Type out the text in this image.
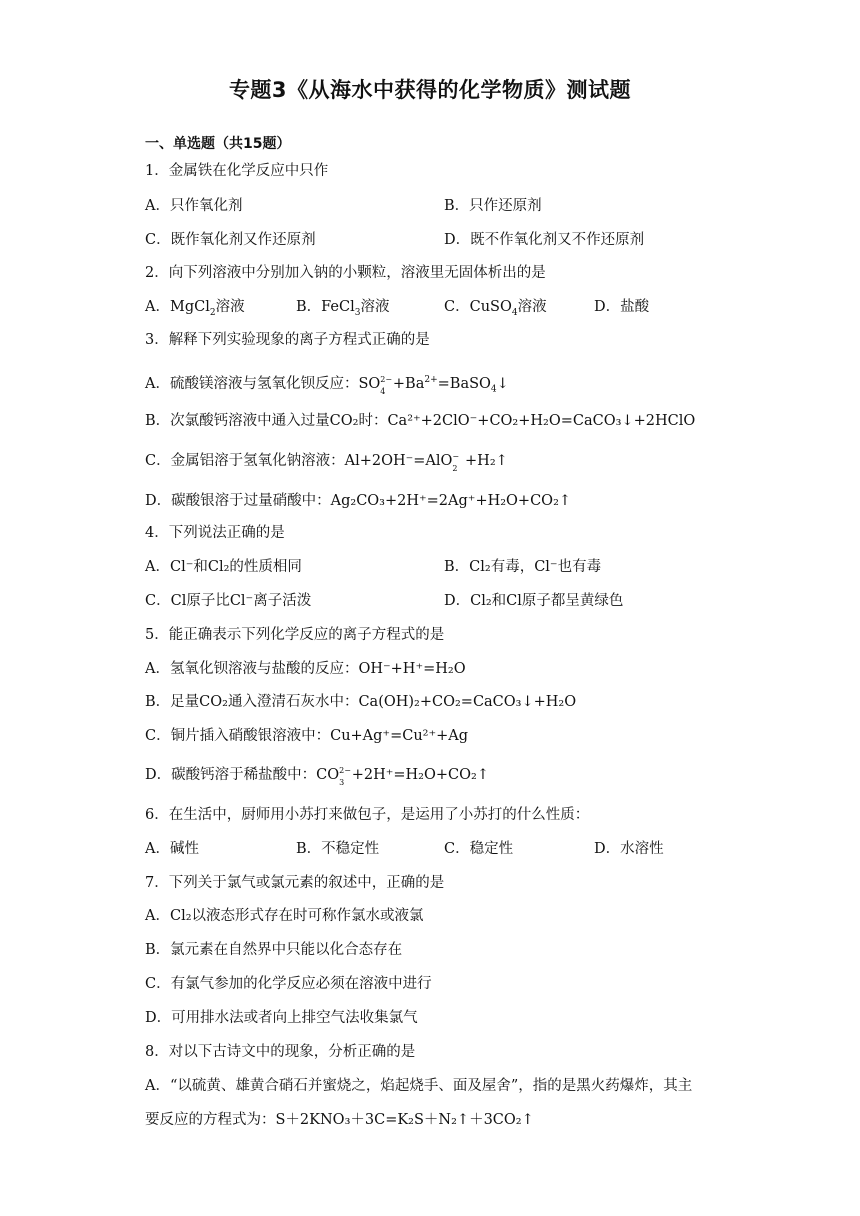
专题3《从海水中获得的化学物质》测试题
一、单选题（共15题）
1．金属铁在化学反应中只作
A．只作氧化剂	B．只作还原剂
C．既作氧化剂又作还原剂	D．既不作氧化剂又不作还原剂
2．向下列溶液中分别加入钠的小颗粒，溶液里无固体析出的是
A．MgCl$_2$溶液	B．FeCl$_3$溶液	C．CuSO$_4$溶液	D．盐酸
3．解释下列实验现象的离子方程式正确的是
A．硫酸镁溶液与氢氧化钡反应：SO 2−
$4 +Ba^{2+}=BaSO_4↓$
B．次氯酸钙溶液中通入过量CO₂时：Ca²⁺+2ClO⁻+CO₂+H₂O=CaCO₃↓+2HClO
C．金属铝溶于氢氧化钠溶液：Al+2OH⁻=AlO −
2 +H₂↑
D．碳酸银溶于过量硝酸中：Ag₂CO₃+2H⁺=2Ag⁺+H₂O+CO₂↑
4．下列说法正确的是
A．Cl⁻和Cl₂的性质相同	B．Cl₂有毒，Cl⁻也有毒
C．Cl原子比Cl⁻离子活泼	D．Cl₂和Cl原子都呈黄绿色
5．能正确表示下列化学反应的离子方程式的是
A．氢氧化钡溶液与盐酸的反应：OH⁻+H⁺=H₂O
B．足量CO₂通入澄清石灰水中：Ca(OH)₂+CO₂=CaCO₃↓+H₂O
C．铜片插入硝酸银溶液中：Cu+Ag⁺=Cu²⁺+Ag
D．碳酸钙溶于稀盐酸中：CO 2−
3 +2H⁺=H₂O+CO₂↑
6．在生活中，厨师用小苏打来做包子，是运用了小苏打的什么性质：
A．碱性	B．不稳定性	C．稳定性	D．水溶性
7．下列关于氯气或氯元素的叙述中，正确的是
A．Cl₂以液态形式存在时可称作氯水或液氯
B．氯元素在自然界中只能以化合态存在
C．有氯气参加的化学反应必须在溶液中进行
D．可用排水法或者向上排空气法收集氯气
8．对以下古诗文中的现象，分析正确的是
A．“以硫黄、雄黄合硝石并蜜烧之，焰起烧手、面及屋舍”，指的是黑火药爆炸，其主
要反应的方程式为：S＋2KNO₃＋3C=K₂S＋N₂↑＋3CO₂↑
